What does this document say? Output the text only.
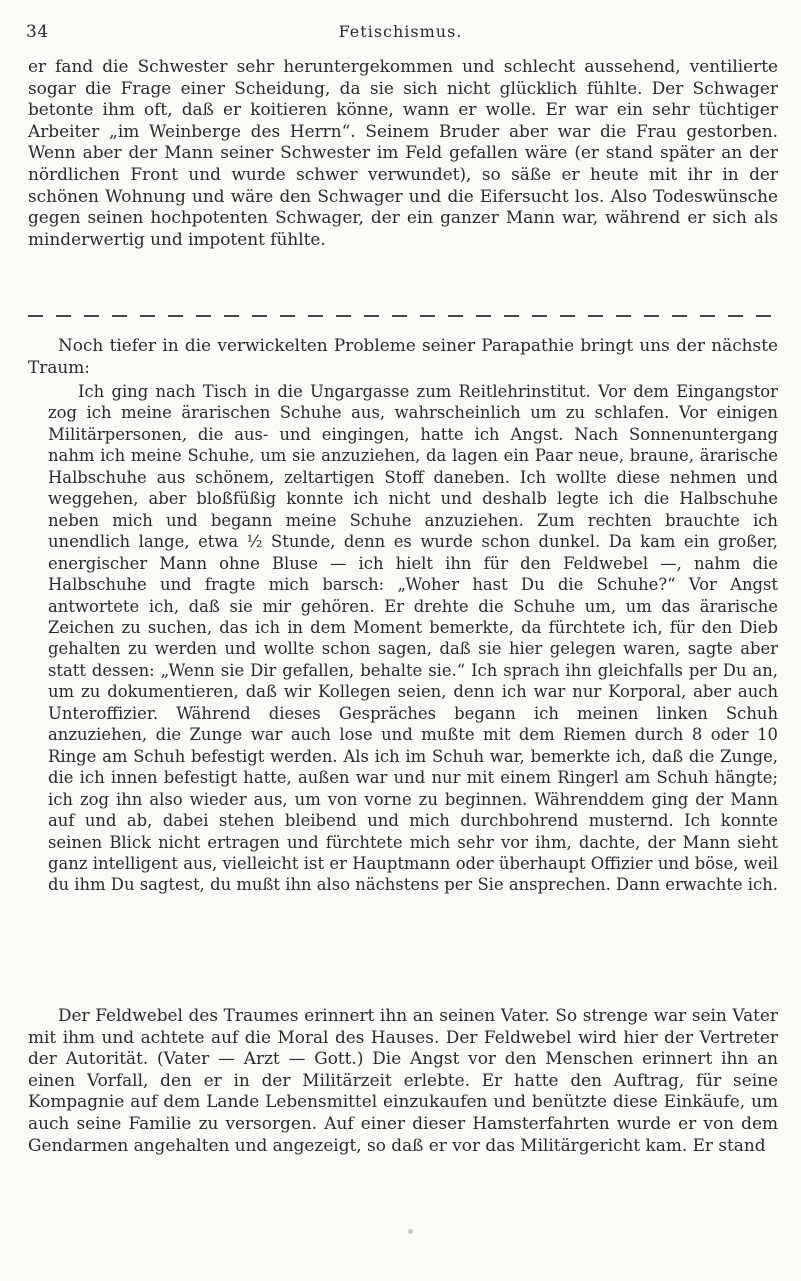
34	Fetischismus.

er fand die Schwester sehr heruntergekommen und schlecht aussehend, ventilierte sogar die Frage einer Scheidung, da sie sich nicht glücklich fühlte. Der Schwager betonte ihm oft, daß er koitieren könne, wann er wolle. Er war ein sehr tüchtiger Arbeiter „im Weinberge des Herrn“. Seinem Bruder aber war die Frau gestorben. Wenn aber der Mann seiner Schwester im Feld gefallen wäre (er stand später an der nördlichen Front und wurde schwer verwundet), so säße er heute mit ihr in der schönen Wohnung und wäre den Schwager und die Eifersucht los. Also Todeswünsche gegen seinen hochpotenten Schwager, der ein ganzer Mann war, während er sich als minderwertig und impotent fühlte.

Noch tiefer in die verwickelten Probleme seiner Parapathie bringt uns der nächste Traum:

Ich ging nach Tisch in die Ungargasse zum Reitlehrinstitut. Vor dem Eingangstor zog ich meine ärarischen Schuhe aus, wahrscheinlich um zu schlafen. Vor einigen Militärpersonen, die aus- und eingingen, hatte ich Angst. Nach Sonnenuntergang nahm ich meine Schuhe, um sie anzuziehen, da lagen ein Paar neue, braune, ärarische Halbschuhe aus schönem, zeltartigen Stoff daneben. Ich wollte diese nehmen und weggehen, aber bloßfüßig konnte ich nicht und deshalb legte ich die Halbschuhe neben mich und begann meine Schuhe anzuziehen. Zum rechten brauchte ich unendlich lange, etwa ½ Stunde, denn es wurde schon dunkel. Da kam ein großer, energischer Mann ohne Bluse — ich hielt ihn für den Feldwebel —, nahm die Halbschuhe und fragte mich barsch: „Woher hast Du die Schuhe?“ Vor Angst antwortete ich, daß sie mir gehören. Er drehte die Schuhe um, um das ärarische Zeichen zu suchen, das ich in dem Moment bemerkte, da fürchtete ich, für den Dieb gehalten zu werden und wollte schon sagen, daß sie hier gelegen waren, sagte aber statt dessen: „Wenn sie Dir gefallen, behalte sie.“ Ich sprach ihn gleichfalls per Du an, um zu dokumentieren, daß wir Kollegen seien, denn ich war nur Korporal, aber auch Unteroffizier. Während dieses Gespräches begann ich meinen linken Schuh anzuziehen, die Zunge war auch lose und mußte mit dem Riemen durch 8 oder 10 Ringe am Schuh befestigt werden. Als ich im Schuh war, bemerkte ich, daß die Zunge, die ich innen befestigt hatte, außen war und nur mit einem Ringerl am Schuh hängte; ich zog ihn also wieder aus, um von vorne zu beginnen. Währenddem ging der Mann auf und ab, dabei stehen bleibend und mich durchbohrend musternd. Ich konnte seinen Blick nicht ertragen und fürchtete mich sehr vor ihm, dachte, der Mann sieht ganz intelligent aus, vielleicht ist er Hauptmann oder überhaupt Offizier und böse, weil du ihm Du sagtest, du mußt ihn also nächstens per Sie ansprechen. Dann erwachte ich.

Der Feldwebel des Traumes erinnert ihn an seinen Vater. So strenge war sein Vater mit ihm und achtete auf die Moral des Hauses. Der Feldwebel wird hier der Vertreter der Autorität. (Vater — Arzt — Gott.) Die Angst vor den Menschen erinnert ihn an einen Vorfall, den er in der Militärzeit erlebte. Er hatte den Auftrag, für seine Kompagnie auf dem Lande Lebensmittel einzukaufen und benützte diese Einkäufe, um auch seine Familie zu versorgen. Auf einer dieser Hamsterfahrten wurde er von dem Gendarmen angehalten und angezeigt, so daß er vor das Militärgericht kam. Er stand
